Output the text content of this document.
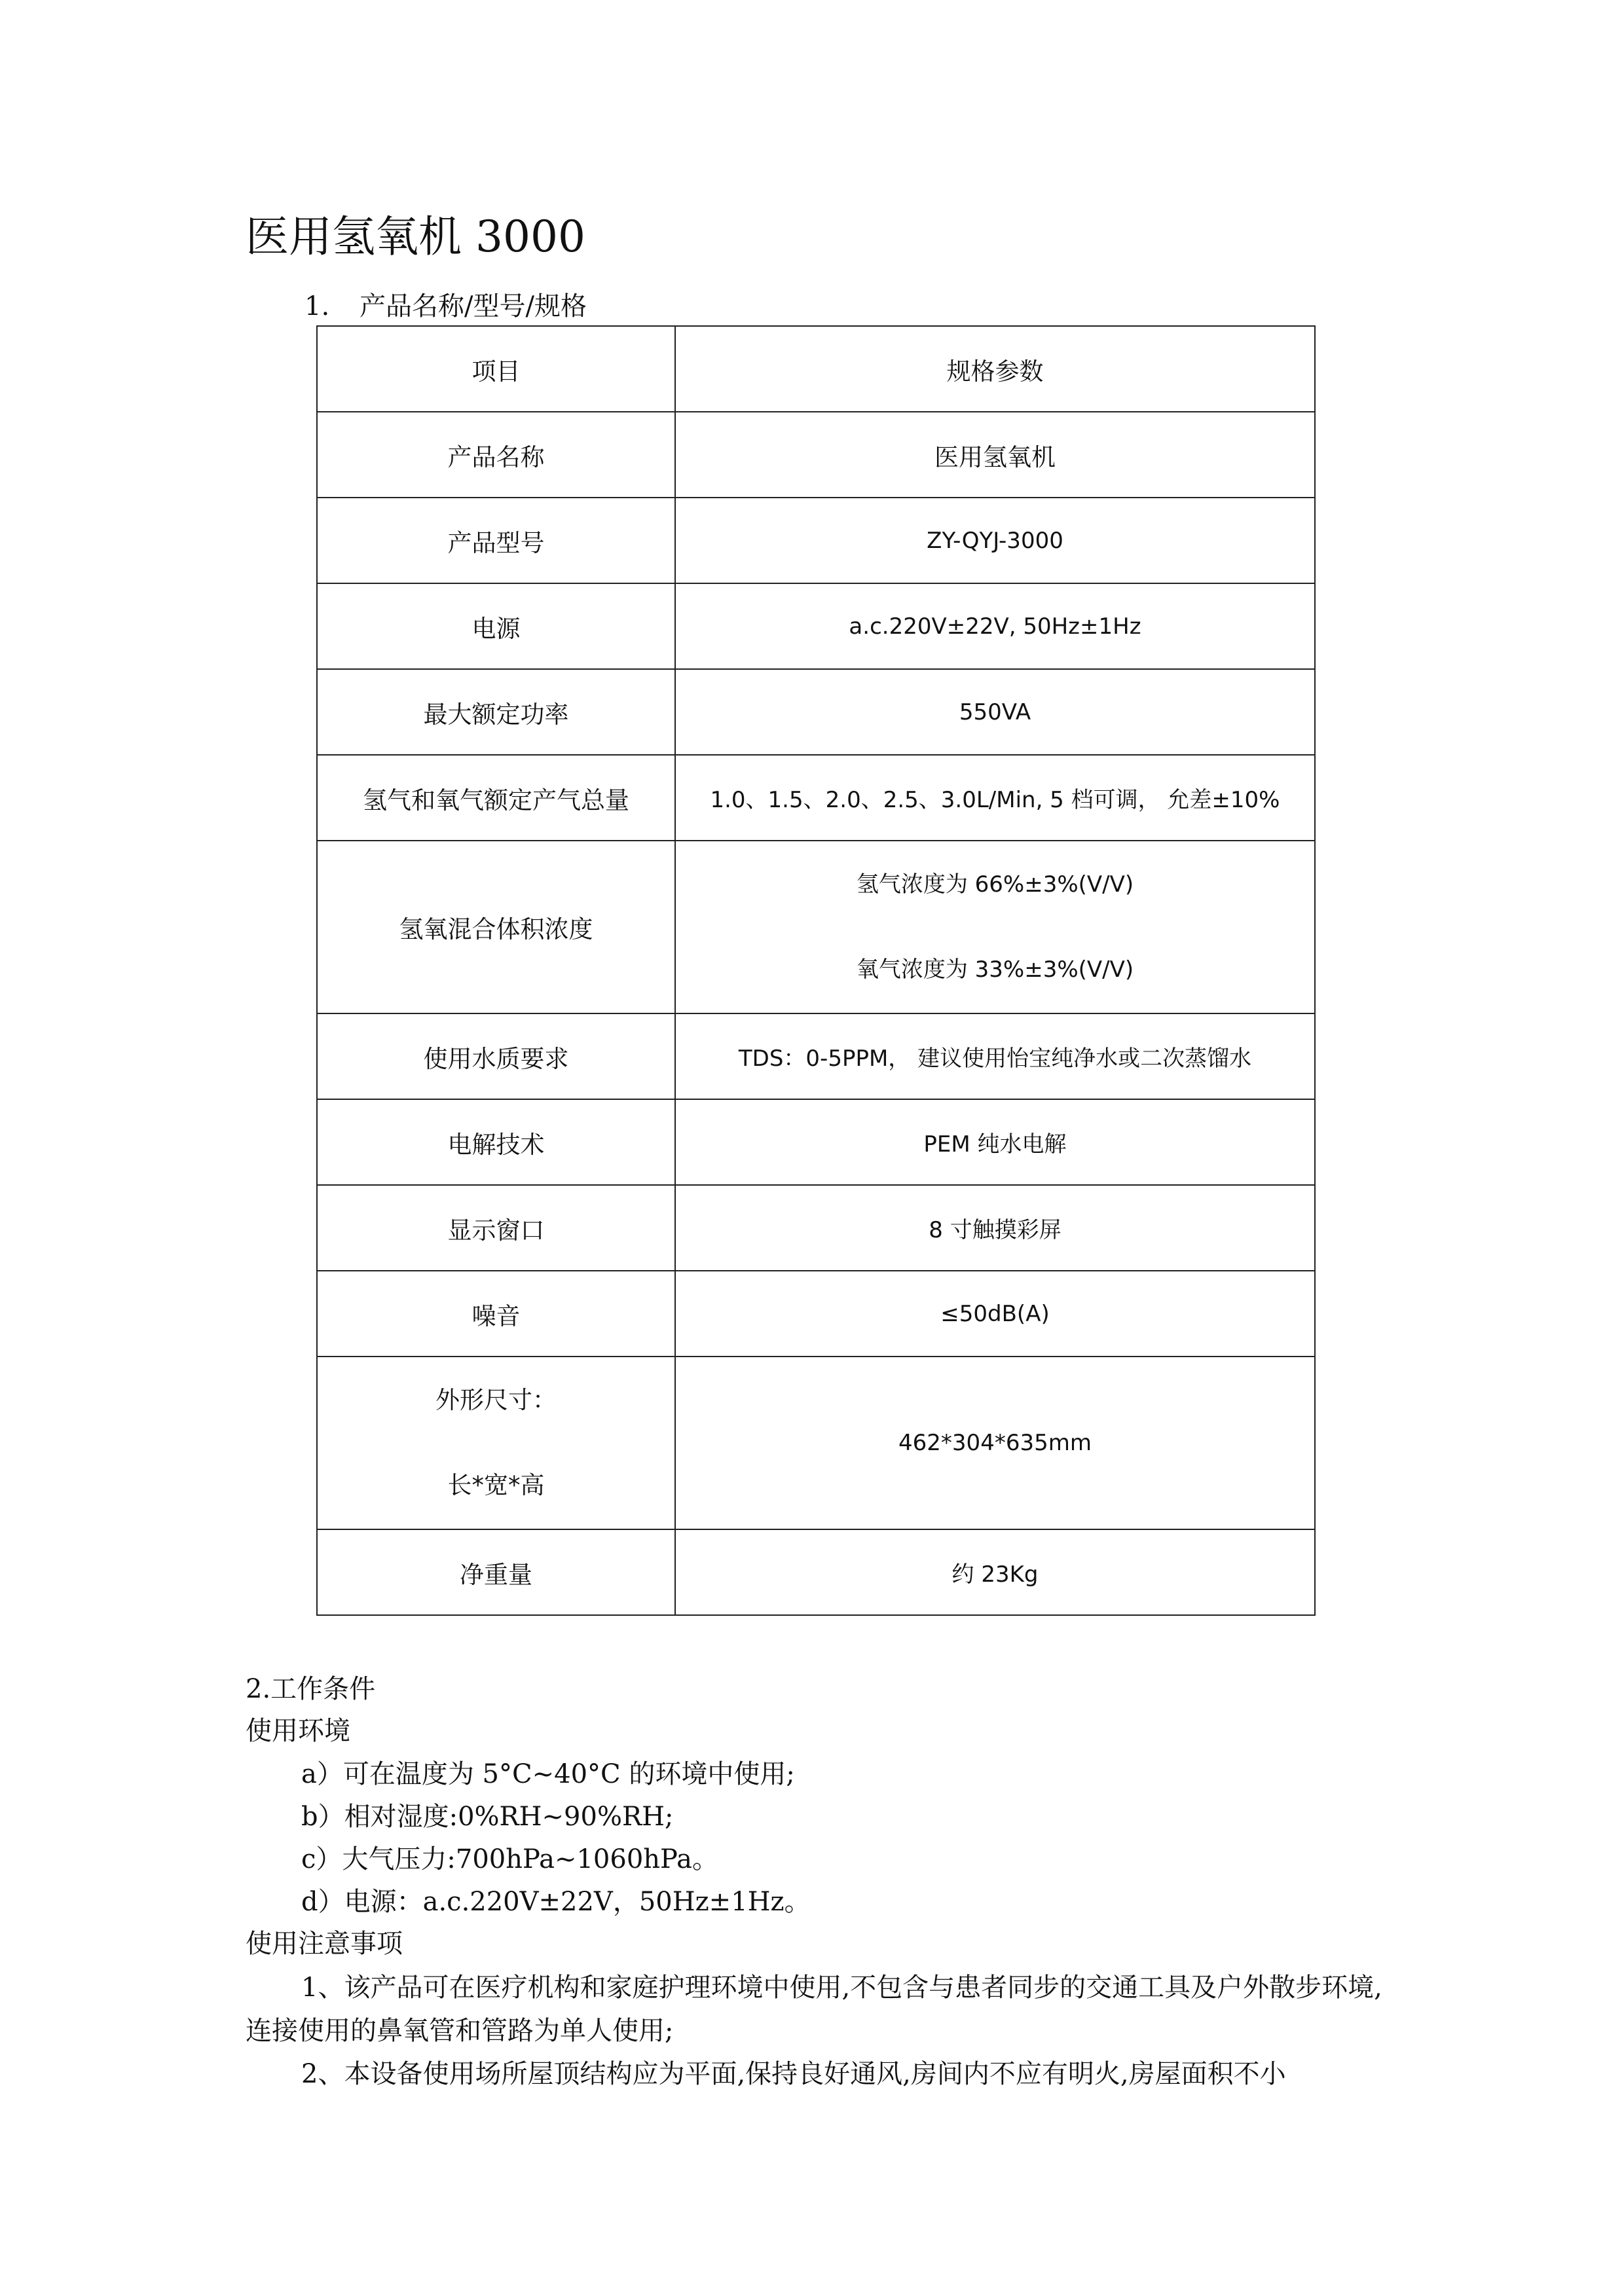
医用氢氧机 3000
1. 产品名称/型号/规格
项目	规格参数
产品名称	医用氢氧机
产品型号	ZY-QYJ-3000
电源	a.c.220V±22V, 50Hz±1Hz
最大额定功率	550VA
氢气和氧气额定产气总量	1.0、1.5、2.0、2.5、3.0L/Min, 5 档可调， 允差±10%
氢氧混合体积浓度	氢气浓度为 66%±3%(V/V)
氧气浓度为 33%±3%(V/V)

使用水质要求	TDS：0-5PPM， 建议使用怡宝纯净水或二次蒸馏水
电解技术	PEM 纯水电解
显示窗口	8 寸触摸彩屏
噪音	≤50dB(A)

外形尺寸：
长*宽*高	462*304*635mm
净重量	约 23Kg
2.工作条件
使用环境
a）可在温度为 5°C~40°C 的环境中使用;
b）相对湿度:0%RH~90%RH;
c）大气压力:700hPa~1060hPa。
d）电源：a.c.220V±22V，50Hz±1Hz。
使用注意事项
1、该产品可在医疗机构和家庭护理环境中使用,不包含与患者同步的交通工具及户外散步环境,连接使用的鼻氧管和管路为单人使用;
2、本设备使用场所屋顶结构应为平面,保持良好通风,房间内不应有明火,房屋面积不小
